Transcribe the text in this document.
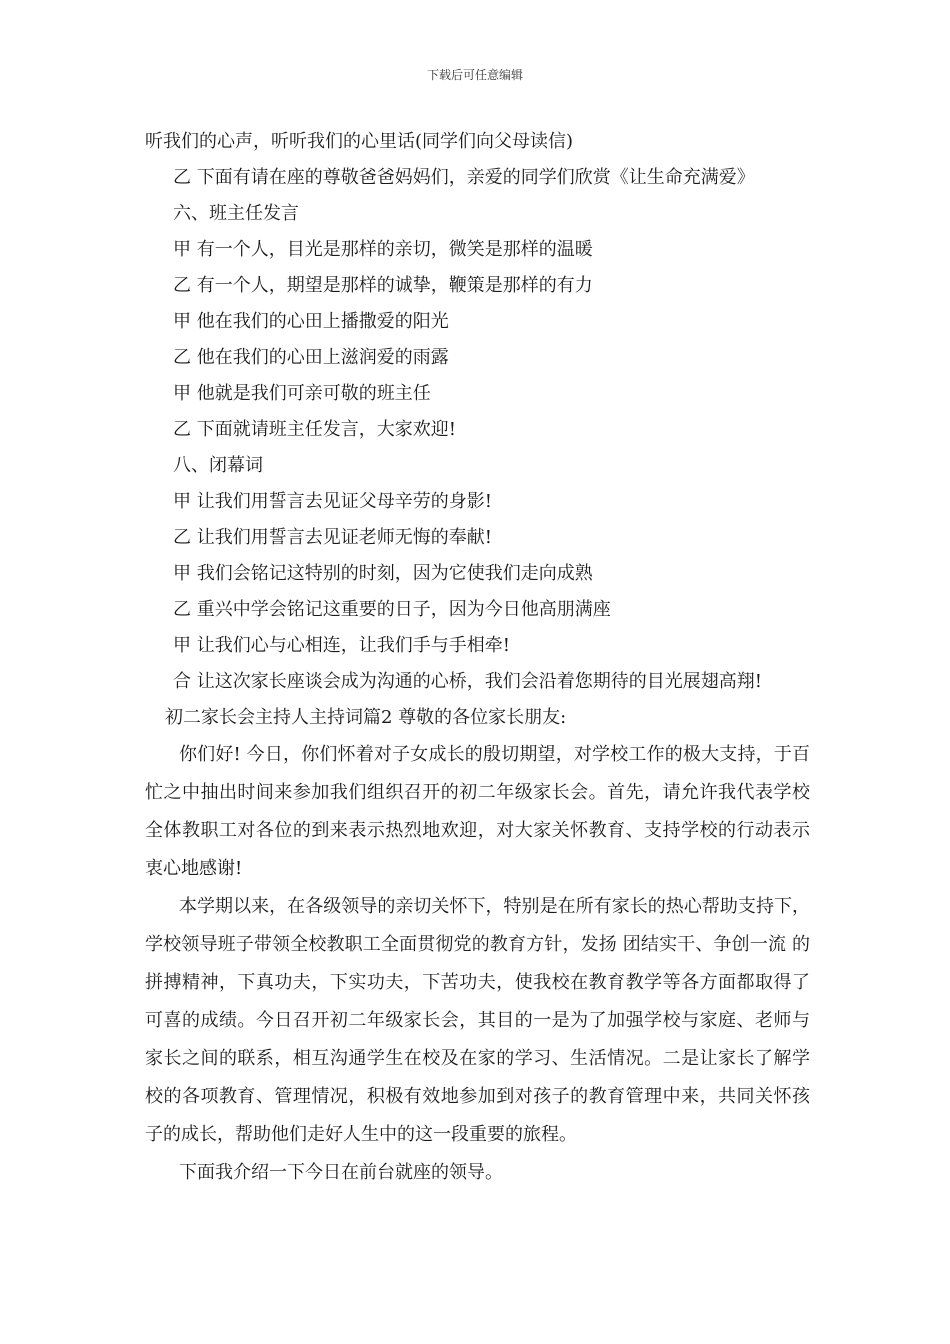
下载后可任意编辑
听我们的心声，听听我们的心里话(同学们向父母读信)
乙 下面有请在座的尊敬爸爸妈妈们，亲爱的同学们欣赏《让生命充满爱》
六、班主任发言
甲 有一个人，目光是那样的亲切，微笑是那样的温暖
乙 有一个人，期望是那样的诚挚，鞭策是那样的有力
甲 他在我们的心田上播撒爱的阳光
乙 他在我们的心田上滋润爱的雨露
甲 他就是我们可亲可敬的班主任
乙 下面就请班主任发言，大家欢迎!
八、闭幕词
甲 让我们用誓言去见证父母辛劳的身影!
乙 让我们用誓言去见证老师无悔的奉献!
甲 我们会铭记这特别的时刻，因为它使我们走向成熟
乙 重兴中学会铭记这重要的日子，因为今日他高朋满座
甲 让我们心与心相连，让我们手与手相牵!
合 让这次家长座谈会成为沟通的心桥，我们会沿着您期待的目光展翅高翔!
初二家长会主持人主持词篇2 尊敬的各位家长朋友:

你们好! 今日，你们怀着对子女成长的殷切期望，对学校工作的极大支持，于百忙之中抽出时间来参加我们组织召开的初二年级家长会。首先，请允许我代表学校全体教职工对各位的到来表示热烈地欢迎，对大家关怀教育、支持学校的行动表示衷心地感谢!

本学期以来，在各级领导的亲切关怀下，特别是在所有家长的热心帮助支持下，学校领导班子带领全校教职工全面贯彻党的教育方针，发扬 团结实干、争创一流 的拼搏精神，下真功夫，下实功夫，下苦功夫，使我校在教育教学等各方面都取得了可喜的成绩。今日召开初二年级家长会，其目的一是为了加强学校与家庭、老师与家长之间的联系，相互沟通学生在校及在家的学习、生活情况。二是让家长了解学校的各项教育、管理情况，积极有效地参加到对孩子的教育管理中来，共同关怀孩子的成长，帮助他们走好人生中的这一段重要的旅程。

下面我介绍一下今日在前台就座的领导。
